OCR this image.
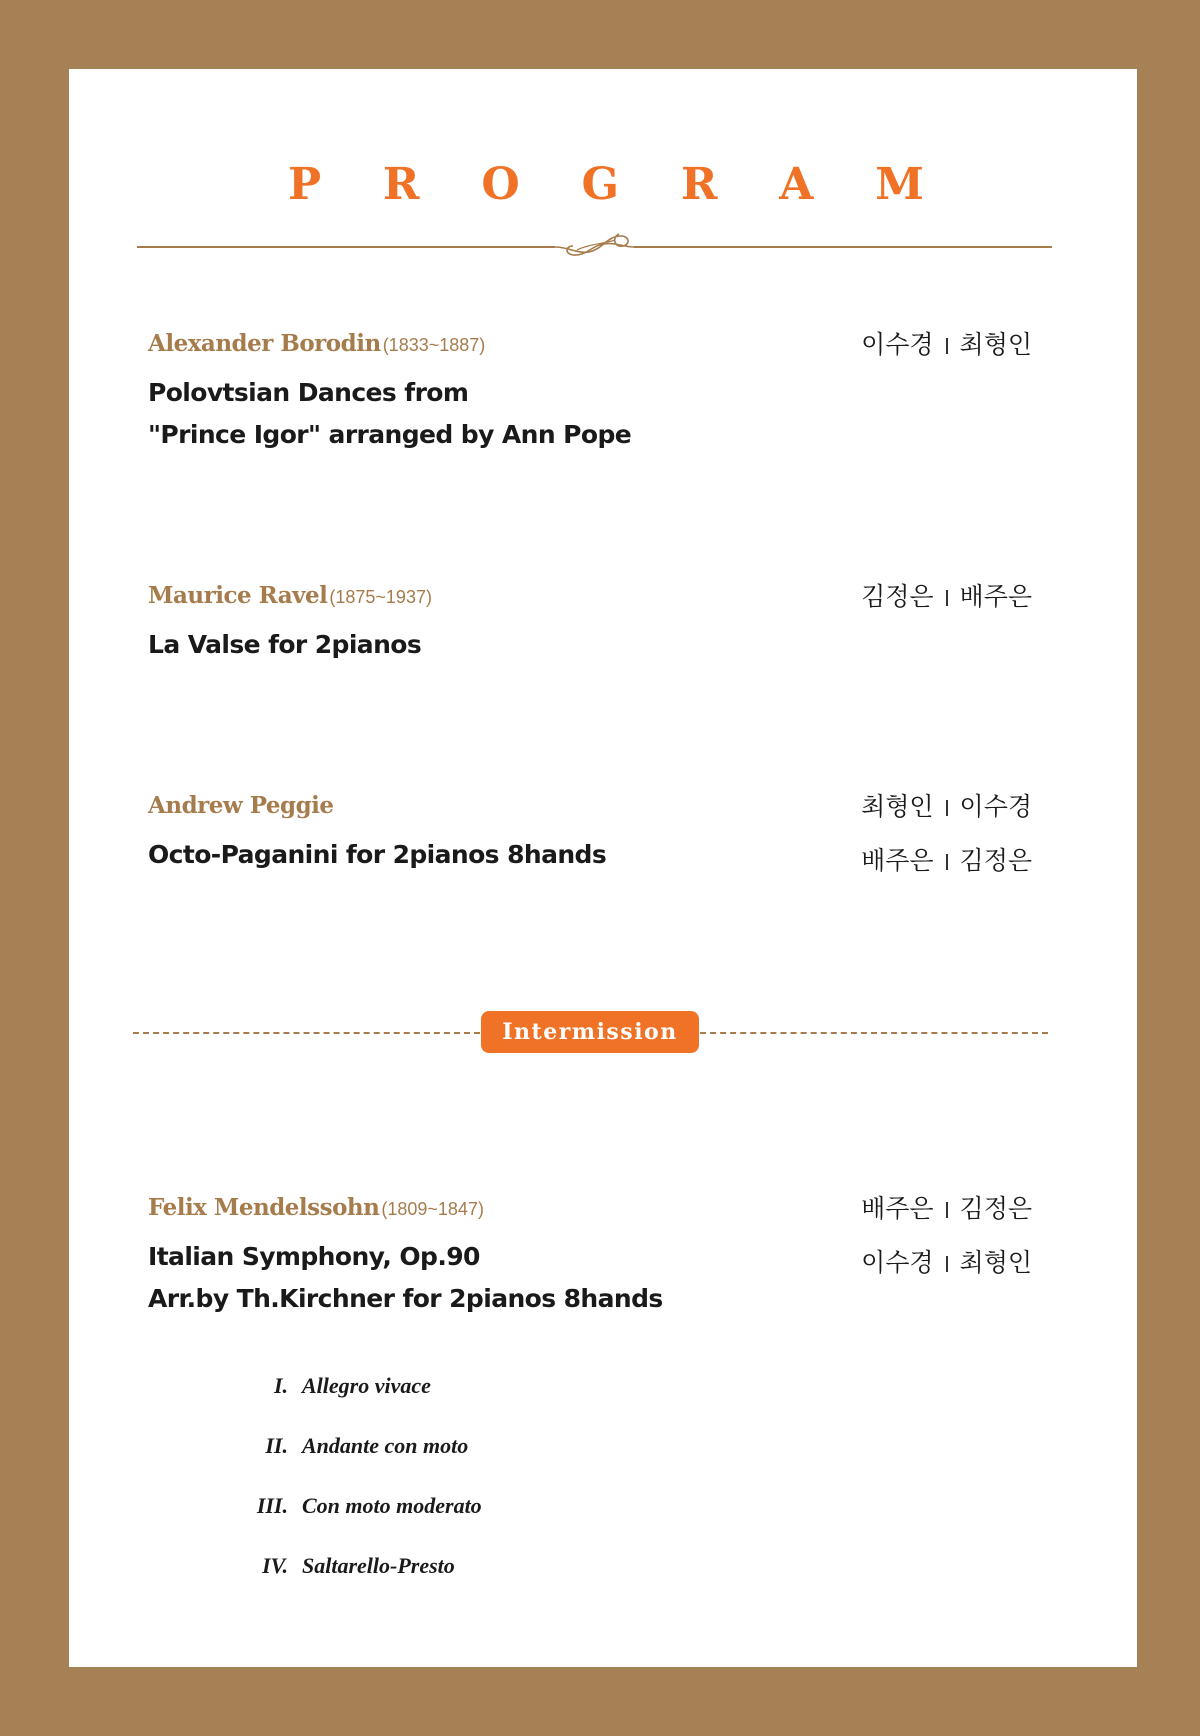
P R O G R A M
Alexander Borodin (1833~1887)
Polovtsian Dances from
"Prince Igor" arranged by Ann Pope
이수경 최형인
Maurice Ravel (1875~1937)
La Valse for 2pianos
김정은 배주은
Andrew Peggie
Octo-Paganini for 2pianos 8hands
최형인 이수경
배주은 김정은
Intermission
Felix Mendelssohn (1809~1847)
Italian Symphony, Op.90
Arr.by Th.Kirchner for 2pianos 8hands
배주은 김정은
이수경 최형인
I. Allegro vivace
II. Andante con moto
III. Con moto moderato
IV. Saltarello-Presto
